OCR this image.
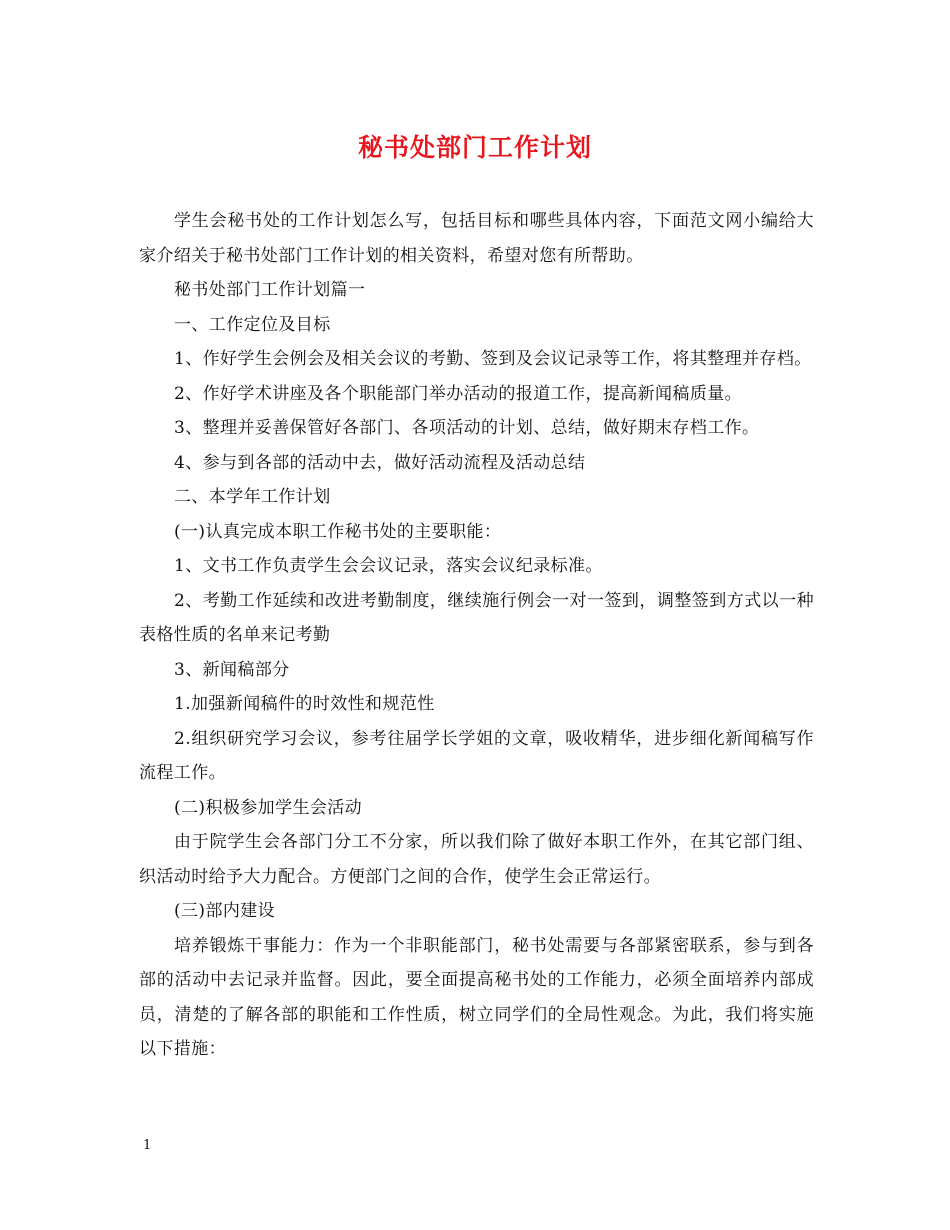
秘书处部门工作计划

学生会秘书处的工作计划怎么写，包括目标和哪些具体内容，下面范文网小编给大家介绍关于秘书处部门工作计划的相关资料，希望对您有所帮助。

秘书处部门工作计划篇一

一、工作定位及目标

1、作好学生会例会及相关会议的考勤、签到及会议记录等工作，将其整理并存档。

2、作好学术讲座及各个职能部门举办活动的报道工作，提高新闻稿质量。

3、整理并妥善保管好各部门、各项活动的计划、总结，做好期末存档工作。

4、参与到各部的活动中去，做好活动流程及活动总结

二、本学年工作计划

(一)认真完成本职工作秘书处的主要职能：

1、文书工作负责学生会会议记录，落实会议纪录标准。

2、考勤工作延续和改进考勤制度，继续施行例会一对一签到，调整签到方式以一种表格性质的名单来记考勤

3、新闻稿部分

1.加强新闻稿件的时效性和规范性

2.组织研究学习会议，参考往届学长学姐的文章，吸收精华，进步细化新闻稿写作流程工作。

(二)积极参加学生会活动

由于院学生会各部门分工不分家，所以我们除了做好本职工作外，在其它部门组、织活动时给予大力配合。方便部门之间的合作，使学生会正常运行。

(三)部内建设

培养锻炼干事能力：作为一个非职能部门，秘书处需要与各部紧密联系，参与到各部的活动中去记录并监督。因此，要全面提高秘书处的工作能力，必须全面培养内部成员，清楚的了解各部的职能和工作性质，树立同学们的全局性观念。为此，我们将实施以下措施：

1
